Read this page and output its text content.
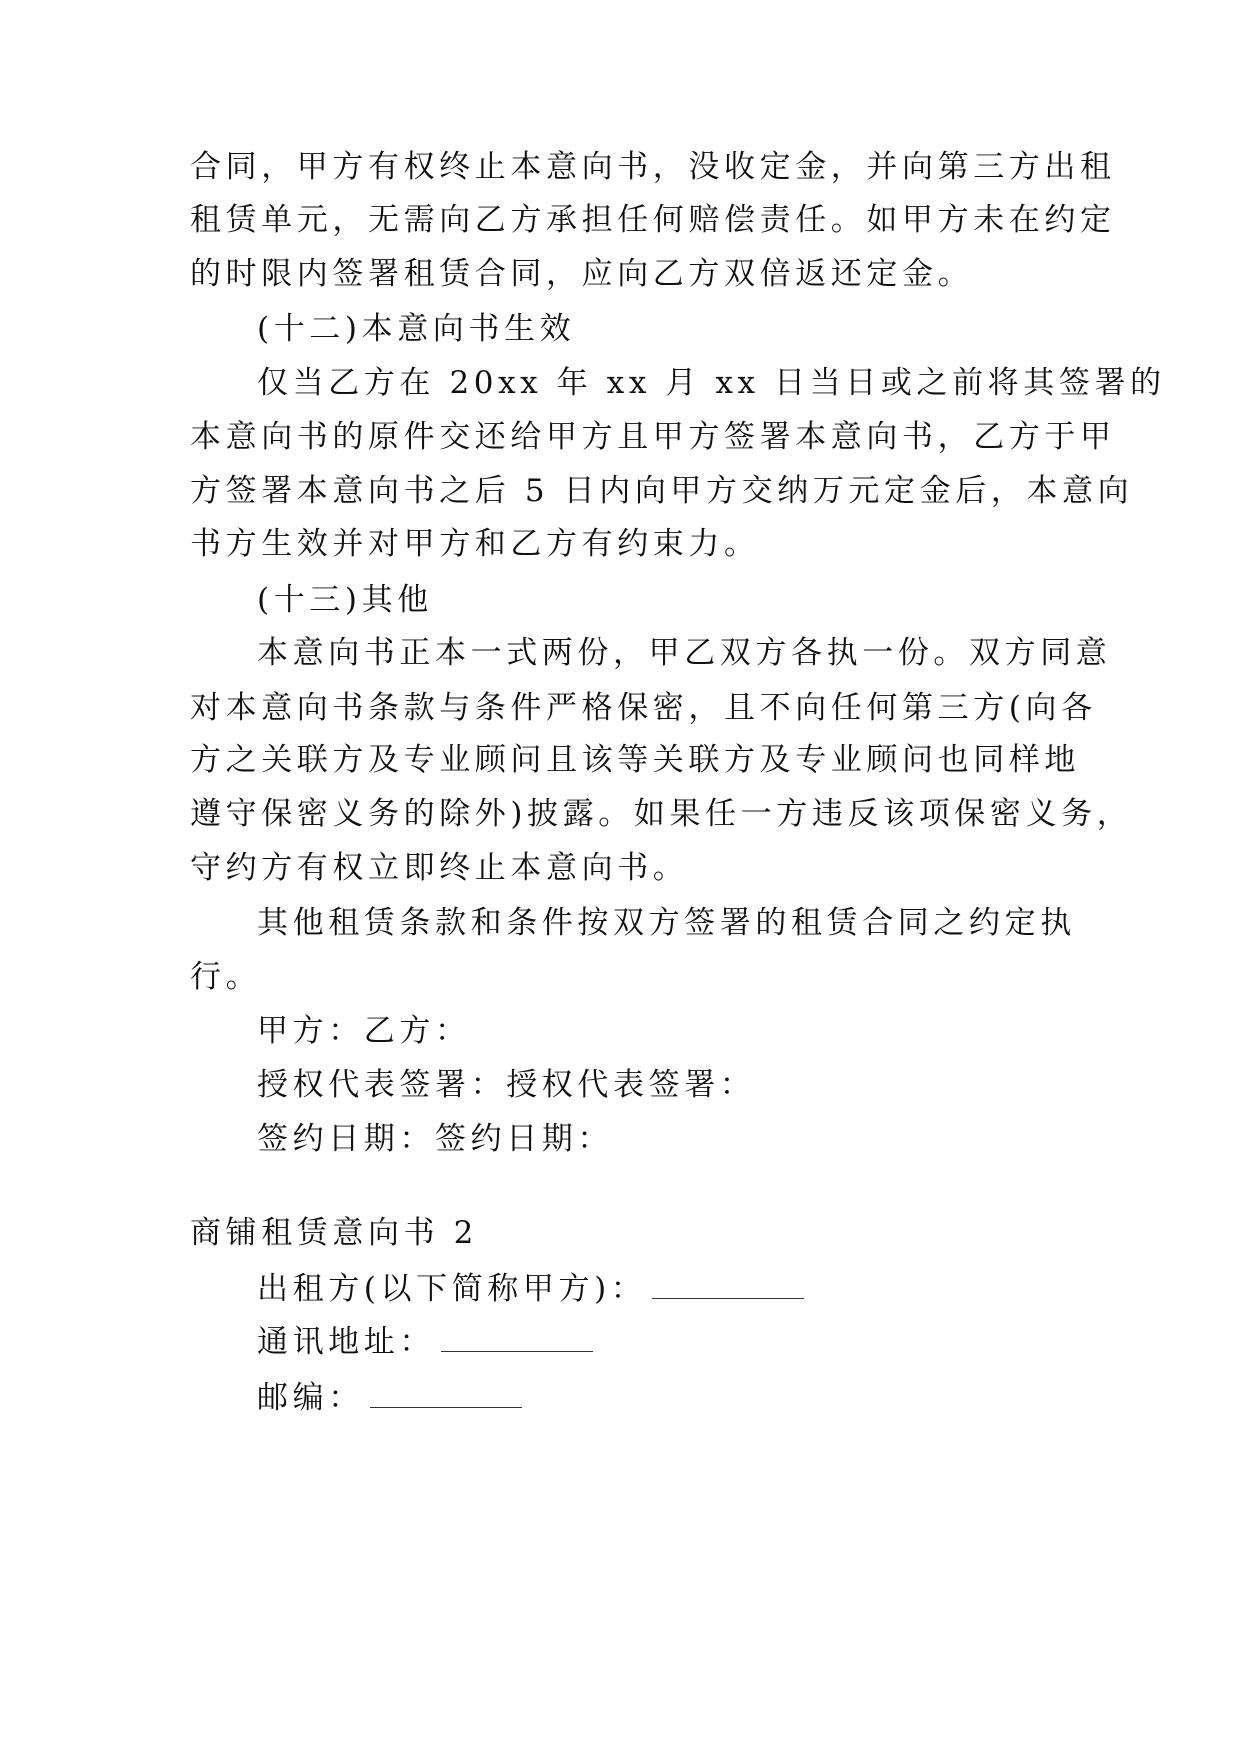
合同，甲方有权终止本意向书，没收定金，并向第三方出租
租赁单元，无需向乙方承担任何赔偿责任。如甲方未在约定
的时限内签署租赁合同，应向乙方双倍返还定金。
(十二)本意向书生效
仅当乙方在 20xx 年 xx 月 xx 日当日或之前将其签署的
本意向书的原件交还给甲方且甲方签署本意向书，乙方于甲
方签署本意向书之后 5 日内向甲方交纳万元定金后，本意向
书方生效并对甲方和乙方有约束力。
(十三)其他
本意向书正本一式两份，甲乙双方各执一份。双方同意
对本意向书条款与条件严格保密，且不向任何第三方(向各
方之关联方及专业顾问且该等关联方及专业顾问也同样地
遵守保密义务的除外)披露。如果任一方违反该项保密义务，
守约方有权立即终止本意向书。
其他租赁条款和条件按双方签署的租赁合同之约定执
行。
甲方：乙方：
授权代表签署：授权代表签署：
签约日期：签约日期：
商铺租赁意向书 2
出租方(以下简称甲方)：
通讯地址：
邮编：
